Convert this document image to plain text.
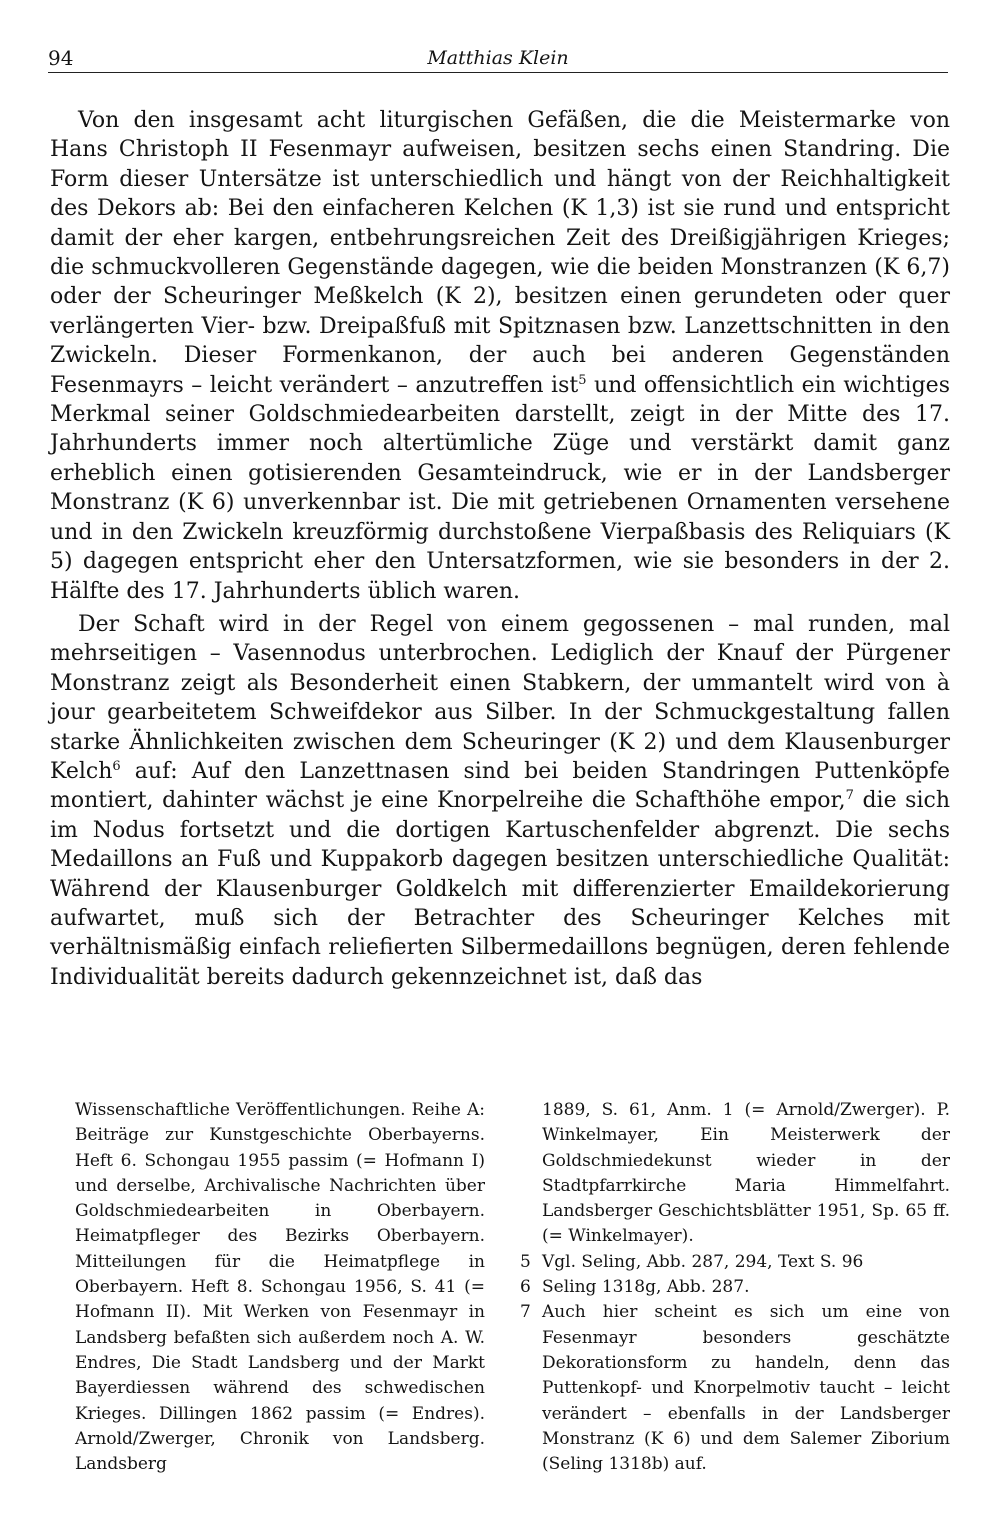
94	Matthias Klein

Von den insgesamt acht liturgischen Gefäßen, die die Meistermarke von Hans Christoph II Fesenmayr aufweisen, besitzen sechs einen Standring. Die Form dieser Untersätze ist unterschiedlich und hängt von der Reichhaltigkeit des Dekors ab: Bei den einfacheren Kelchen (K 1,3) ist sie rund und entspricht damit der eher kargen, entbehrungsreichen Zeit des Dreißigjährigen Krieges; die schmuckvolleren Gegenstände dagegen, wie die beiden Monstranzen (K 6,7) oder der Scheuringer Meßkelch (K 2), besitzen einen gerundeten oder quer verlängerten Vier- bzw. Dreipaßfuß mit Spitznasen bzw. Lanzettschnitten in den Zwickeln. Dieser Formenkanon, der auch bei anderen Gegenständen Fesenmayrs – leicht verändert – anzutreffen ist$^5$ und offensichtlich ein wichtiges Merkmal seiner Goldschmiedearbeiten darstellt, zeigt in der Mitte des 17. Jahrhunderts immer noch altertümliche Züge und verstärkt damit ganz erheblich einen gotisierenden Gesamteindruck, wie er in der Landsberger Monstranz (K 6) unverkennbar ist. Die mit getriebenen Ornamenten versehene und in den Zwickeln kreuzförmig durchstoßene Vierpaßbasis des Reliquiars (K 5) dagegen entspricht eher den Untersatzformen, wie sie besonders in der 2. Hälfte des 17. Jahrhunderts üblich waren.

Der Schaft wird in der Regel von einem gegossenen – mal runden, mal mehrseitigen – Vasennodus unterbrochen. Lediglich der Knauf der Pürgener Monstranz zeigt als Besonderheit einen Stabkern, der ummantelt wird von à jour gearbeitetem Schweifdekor aus Silber. In der Schmuckgestaltung fallen starke Ähnlichkeiten zwischen dem Scheuringer (K 2) und dem Klausenburger Kelch$^6$ auf: Auf den Lanzettnasen sind bei beiden Standringen Puttenköpfe montiert, dahinter wächst je eine Knorpelreihe die Schafthöhe empor,$^7$ die sich im Nodus fortsetzt und die dortigen Kartuschenfelder abgrenzt. Die sechs Medaillons an Fuß und Kuppakorb dagegen besitzen unterschiedliche Qualität: Während der Klausenburger Goldkelch mit differenzierter Emaildekorierung aufwartet, muß sich der Betrachter des Scheuringer Kelches mit verhältnismäßig einfach reliefierten Silbermedaillons begnügen, deren fehlende Individualität bereits dadurch gekennzeichnet ist, daß das

Wissenschaftliche Veröffentlichungen. Reihe A: Beiträge zur Kunstgeschichte Oberbayerns. Heft 6. Schongau 1955 passim (= Hofmann I) und derselbe, Archivalische Nachrichten über Goldschmiedearbeiten in Oberbayern. Heimatpfleger des Bezirks Oberbayern. Mitteilungen für die Heimatpflege in Oberbayern. Heft 8. Schongau 1956, S. 41 (= Hofmann II). Mit Werken von Fesenmayr in Landsberg befaßten sich außerdem noch A. W. Endres, Die Stadt Landsberg und der Markt Bayerdiessen während des schwedischen Krieges. Dillingen 1862 passim (= Endres). Arnold/Zwerger, Chronik von Landsberg. Landsberg

1889, S. 61, Anm. 1 (= Arnold/Zwerger). P. Winkelmayer, Ein Meisterwerk der Goldschmiedekunst wieder in der Stadtpfarrkirche Maria Himmelfahrt. Landsberger Geschichtsblätter 1951, Sp. 65 ff. (= Winkelmayer).

5 Vgl. Seling, Abb. 287, 294, Text S. 96

6 Seling 1318g, Abb. 287.

7 Auch hier scheint es sich um eine von Fesenmayr besonders geschätzte Dekorationsform zu handeln, denn das Puttenkopf- und Knorpelmotiv taucht – leicht verändert – ebenfalls in der Landsberger Monstranz (K 6) und dem Salemer Ziborium (Seling 1318b) auf.
